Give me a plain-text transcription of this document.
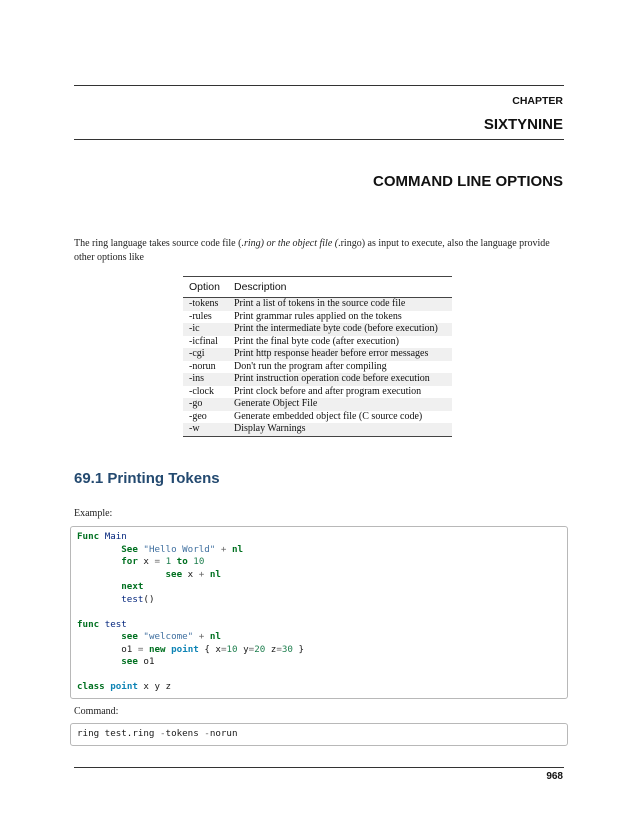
CHAPTER
SIXTYNINE
COMMAND LINE OPTIONS

The ring language takes source code file (.ring) or the object file (.ringo) as input to execute, also the language provide other options like

Option	Description
-tokens	Print a list of tokens in the source code file
-rules	Print grammar rules applied on the tokens
-ic	Print the intermediate byte code (before execution)
-icfinal	Print the final byte code (after execution)
-cgi	Print http response header before error messages
-norun	Don't run the program after compiling
-ins	Print instruction operation code before execution
-clock	Print clock before and after program execution
-go	Generate Object File
-geo	Generate embedded object file (C source code)
-w	Display Warnings
69.1 Printing Tokens
Example:
Func Main
See "Hello World" + nl
for x = 1 to 10
see x + nl
next
test()
func test
see "welcome" + nl
o1 = new point { x=10 y=20 z=30 }
see o1
class point x y z
Command:
ring test.ring -tokens -norun
968
